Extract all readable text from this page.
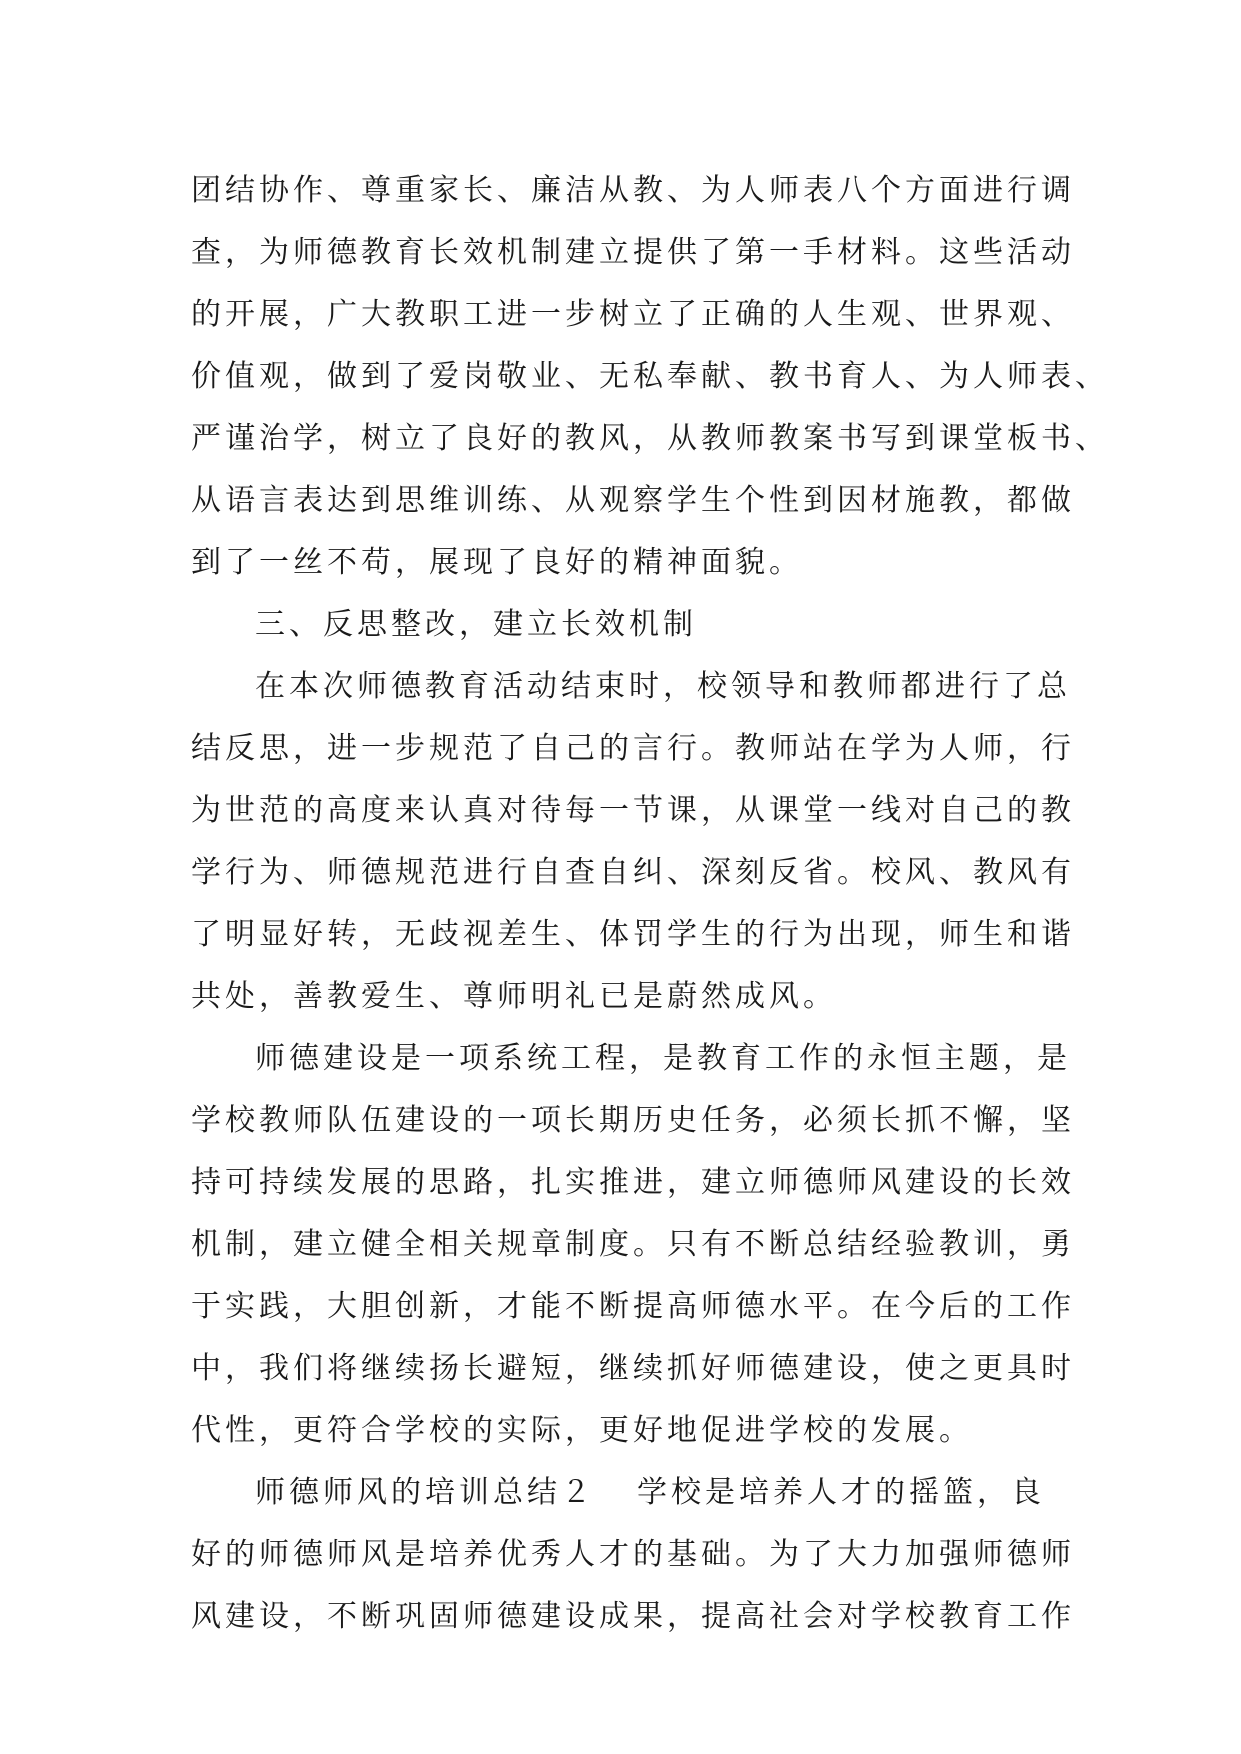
团结协作、尊重家长、廉洁从教、为人师表八个方面进行调
查，为师德教育长效机制建立提供了第一手材料。这些活动
的开展，广大教职工进一步树立了正确的人生观、世界观、
价值观，做到了爱岗敬业、无私奉献、教书育人、为人师表、
严谨治学，树立了良好的教风，从教师教案书写到课堂板书、
从语言表达到思维训练、从观察学生个性到因材施教，都做
到了一丝不苟，展现了良好的精神面貌。
三、反思整改，建立长效机制
在本次师德教育活动结束时，校领导和教师都进行了总
结反思，进一步规范了自己的言行。教师站在学为人师，行
为世范的高度来认真对待每一节课，从课堂一线对自己的教
学行为、师德规范进行自查自纠、深刻反省。校风、教风有
了明显好转，无歧视差生、体罚学生的行为出现，师生和谐
共处，善教爱生、尊师明礼已是蔚然成风。
师德建设是一项系统工程，是教育工作的永恒主题，是
学校教师队伍建设的一项长期历史任务，必须长抓不懈，坚
持可持续发展的思路，扎实推进，建立师德师风建设的长效
机制，建立健全相关规章制度。只有不断总结经验教训，勇
于实践，大胆创新，才能不断提高师德水平。在今后的工作
中，我们将继续扬长避短，继续抓好师德建设，使之更具时
代性，更符合学校的实际，更好地促进学校的发展。
师德师风的培训总结２ 学校是培养人才的摇篮，良
好的师德师风是培养优秀人才的基础。为了大力加强师德师
风建设，不断巩固师德建设成果，提高社会对学校教育工作
